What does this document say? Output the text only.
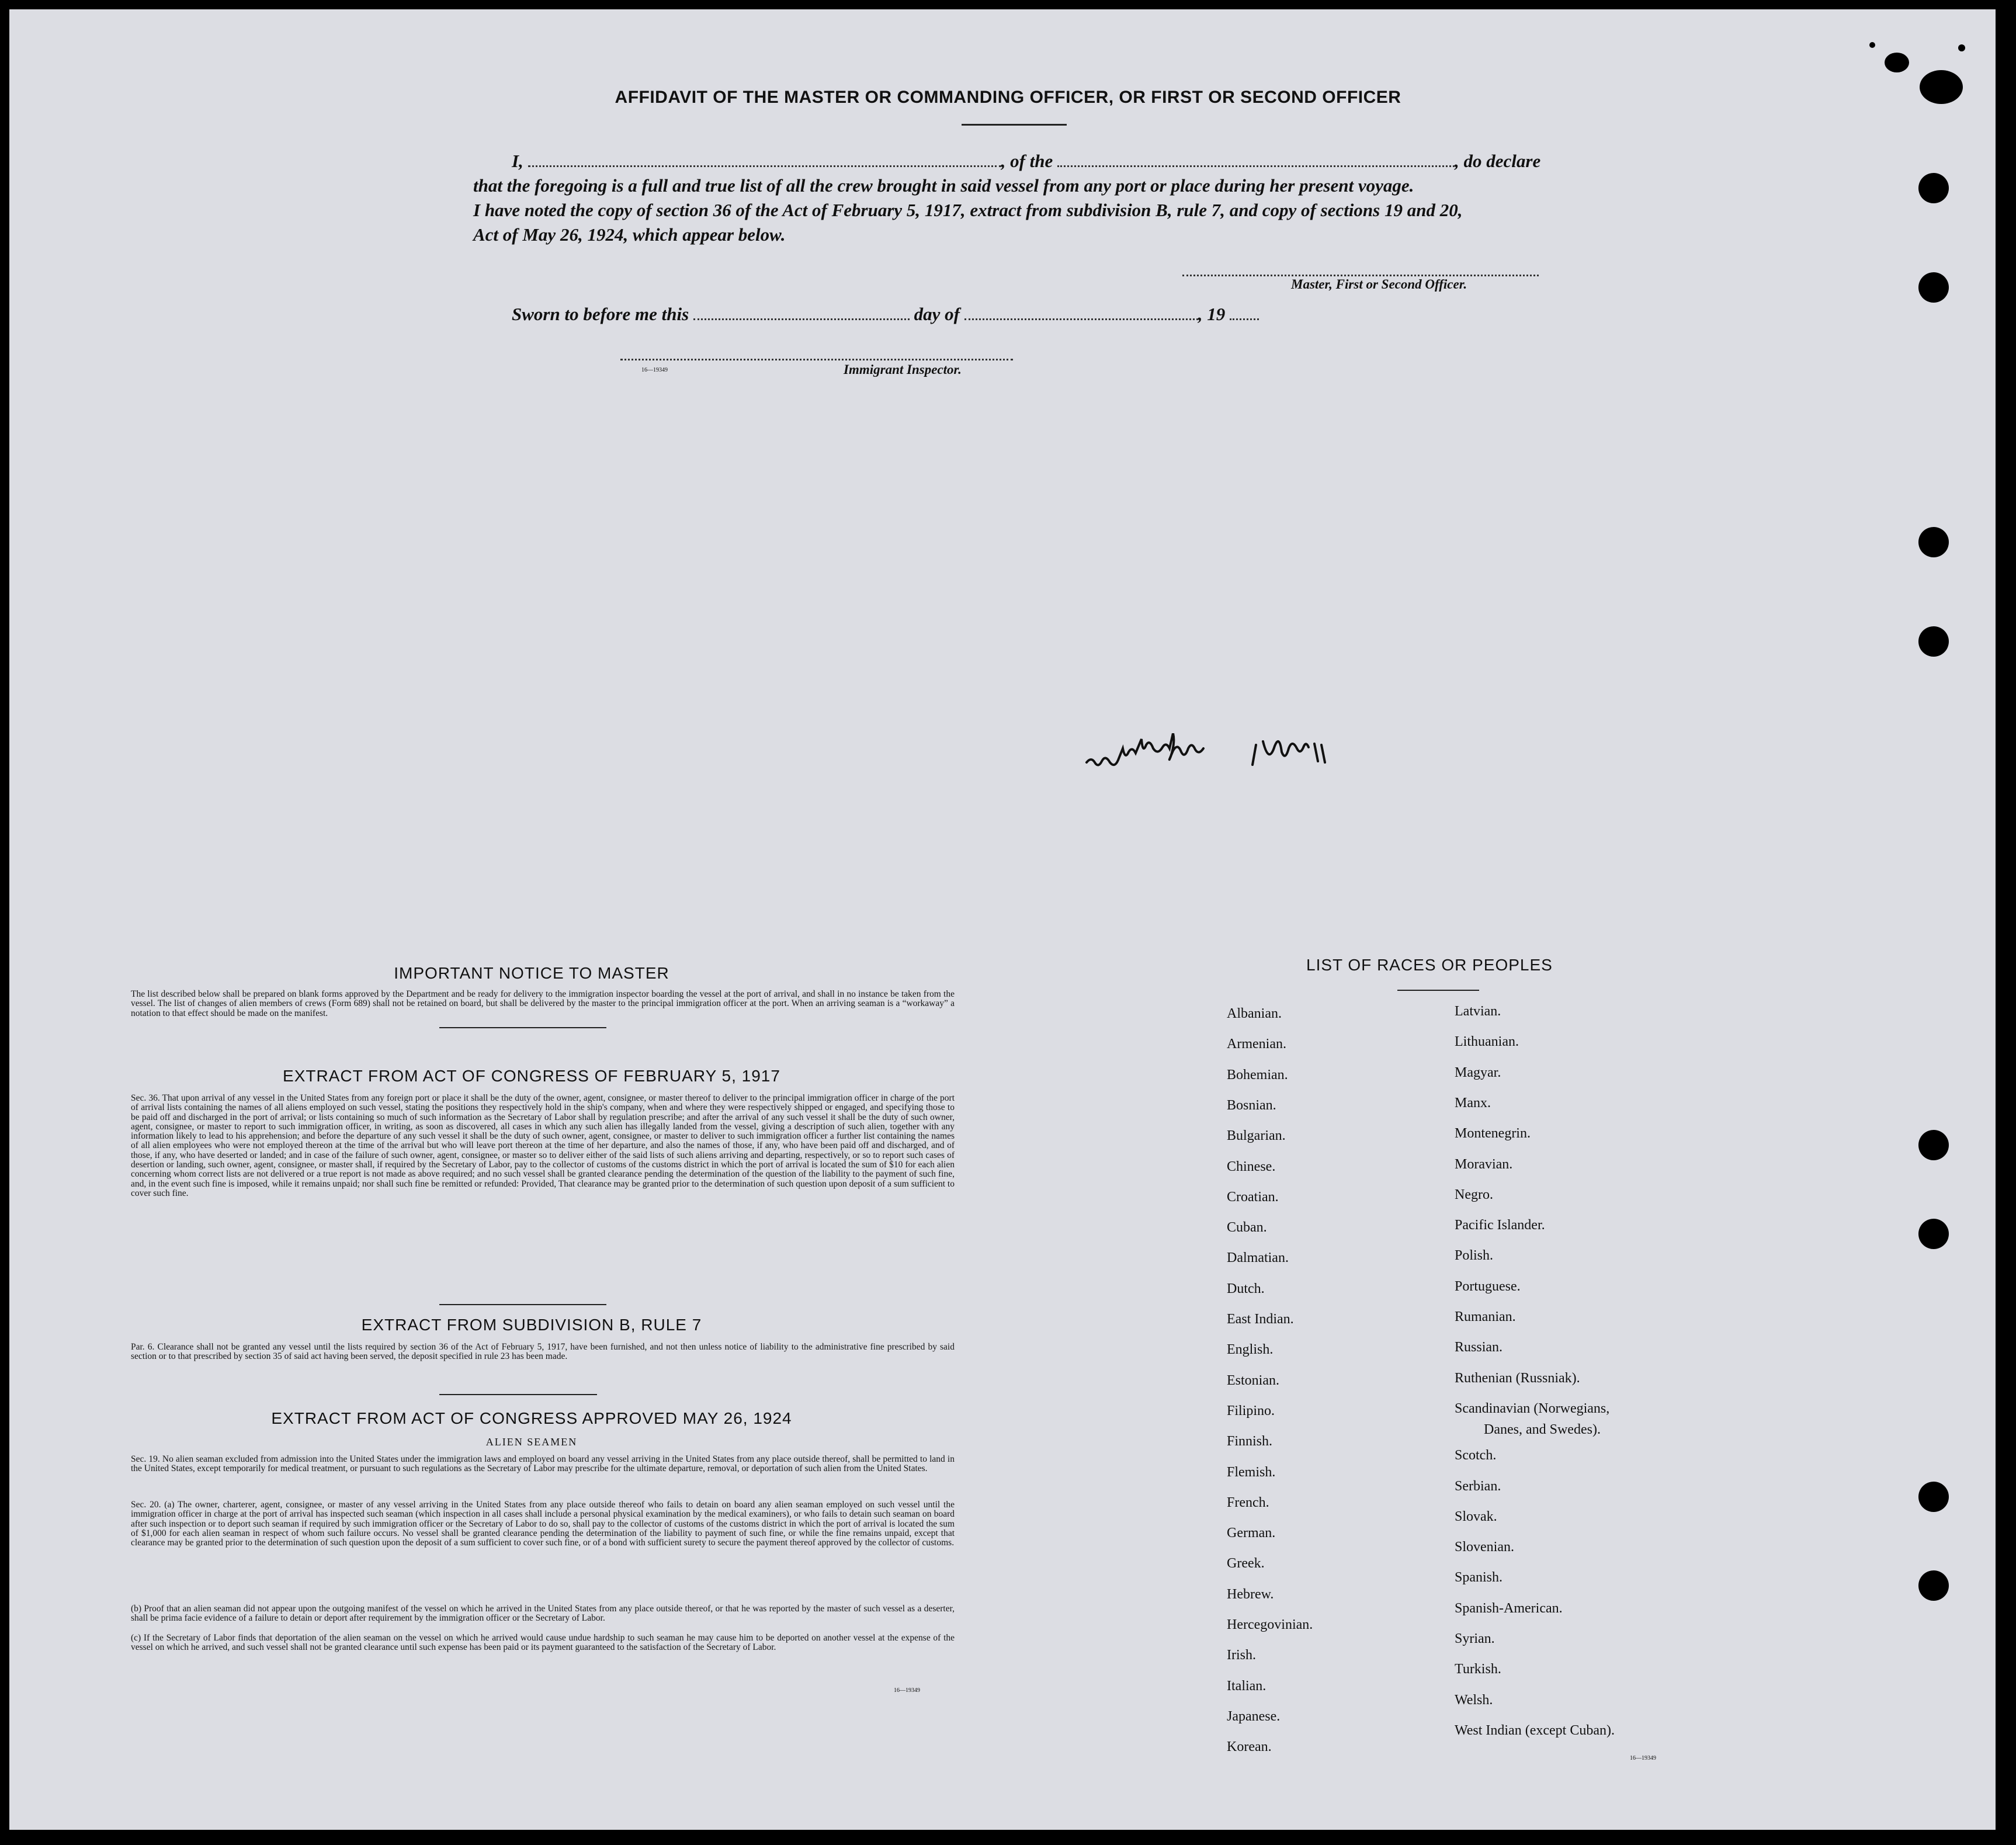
AFFIDAVIT OF THE MASTER OR COMMANDING OFFICER, OR FIRST OR SECOND OFFICER
I,	, of the	, do declare
that the foregoing is a full and true list of all the crew brought in said vessel from any port or place during her present voyage.
I have noted the copy of section 36 of the Act of February 5, 1917, extract from subdivision B, rule 7, and copy of sections 19 and 20,
Act of May 26, 1924, which appear below.
Master, First or Second Officer.
Sworn to before me this	day of	, 19
16—19349	Immigrant Inspector.
IMPORTANT NOTICE TO MASTER
The list described below shall be prepared on blank forms approved by the Department and be ready for delivery to the immigration inspector boarding the vessel at the port of arrival, and shall in no instance be taken from the vessel. The list of changes of alien members of crews (Form 689) shall not be retained on board, but shall be delivered by the master to the principal immigration officer at the port. When an arriving seaman is a “workaway” a notation to that effect should be made on the manifest.
EXTRACT FROM ACT OF CONGRESS OF FEBRUARY 5, 1917
Sec. 36. That upon arrival of any vessel in the United States from any foreign port or place it shall be the duty of the owner, agent, consignee, or master thereof to deliver to the principal immigration officer in charge of the port of arrival lists containing the names of all aliens employed on such vessel, stating the positions they respectively hold in the ship's company, when and where they were respectively shipped or engaged, and specifying those to be paid off and discharged in the port of arrival; or lists containing so much of such information as the Secretary of Labor shall by regulation prescribe; and after the arrival of any such vessel it shall be the duty of such owner, agent, consignee, or master to report to such immigration officer, in writing, as soon as discovered, all cases in which any such alien has illegally landed from the vessel, giving a description of such alien, together with any information likely to lead to his apprehension; and before the departure of any such vessel it shall be the duty of such owner, agent, consignee, or master to deliver to such immigration officer a further list containing the names of all alien employees who were not employed thereon at the time of the arrival but who will leave port thereon at the time of her departure, and also the names of those, if any, who have been paid off and discharged, and of those, if any, who have deserted or landed; and in case of the failure of such owner, agent, consignee, or master so to deliver either of the said lists of such aliens arriving and departing, respectively, or so to report such cases of desertion or landing, such owner, agent, consignee, or master shall, if required by the Secretary of Labor, pay to the collector of customs of the customs district in which the port of arrival is located the sum of $10 for each alien concerning whom correct lists are not delivered or a true report is not made as above required; and no such vessel shall be granted clearance pending the determination of the question of the liability to the payment of such fine, and, in the event such fine is imposed, while it remains unpaid; nor shall such fine be remitted or refunded: Provided, That clearance may be granted prior to the determination of such question upon deposit of a sum sufficient to cover such fine.
EXTRACT FROM SUBDIVISION B, RULE 7
Par. 6. Clearance shall not be granted any vessel until the lists required by section 36 of the Act of February 5, 1917, have been furnished, and not then unless notice of liability to the administrative fine prescribed by said section or to that prescribed by section 35 of said act having been served, the deposit specified in rule 23 has been made.
EXTRACT FROM ACT OF CONGRESS APPROVED MAY 26, 1924
ALIEN SEAMEN
Sec. 19. No alien seaman excluded from admission into the United States under the immigration laws and employed on board any vessel arriving in the United States from any place outside thereof, shall be permitted to land in the United States, except temporarily for medical treatment, or pursuant to such regulations as the Secretary of Labor may prescribe for the ultimate departure, removal, or deportation of such alien from the United States.
Sec. 20. (a) The owner, charterer, agent, consignee, or master of any vessel arriving in the United States from any place outside thereof who fails to detain on board any alien seaman employed on such vessel until the immigration officer in charge at the port of arrival has inspected such seaman (which inspection in all cases shall include a personal physical examination by the medical examiners), or who fails to detain such seaman on board after such inspection or to deport such seaman if required by such immigration officer or the Secretary of Labor to do so, shall pay to the collector of customs of the customs district in which the port of arrival is located the sum of $1,000 for each alien seaman in respect of whom such failure occurs. No vessel shall be granted clearance pending the determination of the liability to payment of such fine, or while the fine remains unpaid, except that clearance may be granted prior to the determination of such question upon the deposit of a sum sufficient to cover such fine, or of a bond with sufficient surety to secure the payment thereof approved by the collector of customs.
(b) Proof that an alien seaman did not appear upon the outgoing manifest of the vessel on which he arrived in the United States from any place outside thereof, or that he was reported by the master of such vessel as a deserter, shall be prima facie evidence of a failure to detain or deport after requirement by the immigration officer or the Secretary of Labor.
(c) If the Secretary of Labor finds that deportation of the alien seaman on the vessel on which he arrived would cause undue hardship to such seaman he may cause him to be deported on another vessel at the expense of the vessel on which he arrived, and such vessel shall not be granted clearance until such expense has been paid or its payment guaranteed to the satisfaction of the Secretary of Labor.
16—19349
LIST OF RACES OR PEOPLES
Albanian.
Armenian.
Bohemian.
Bosnian.
Bulgarian.
Chinese.
Croatian.
Cuban.
Dalmatian.
Dutch.
East Indian.
English.
Estonian.
Filipino.
Finnish.
Flemish.
French.
German.
Greek.
Hebrew.
Hercegovinian.
Irish.
Italian.
Japanese.
Korean.
Latvian.
Lithuanian.
Magyar.
Manx.
Montenegrin.
Moravian.
Negro.
Pacific Islander.
Polish.
Portuguese.
Rumanian.
Russian.
Ruthenian (Russniak).
Scandinavian (Norwegians,
Scotch.
Serbian.
Slovak.
Slovenian.
Spanish.
Spanish-American.
Syrian.
Turkish.
Welsh.
West Indian (except Cuban).
Danes, and Swedes).
16—19349
